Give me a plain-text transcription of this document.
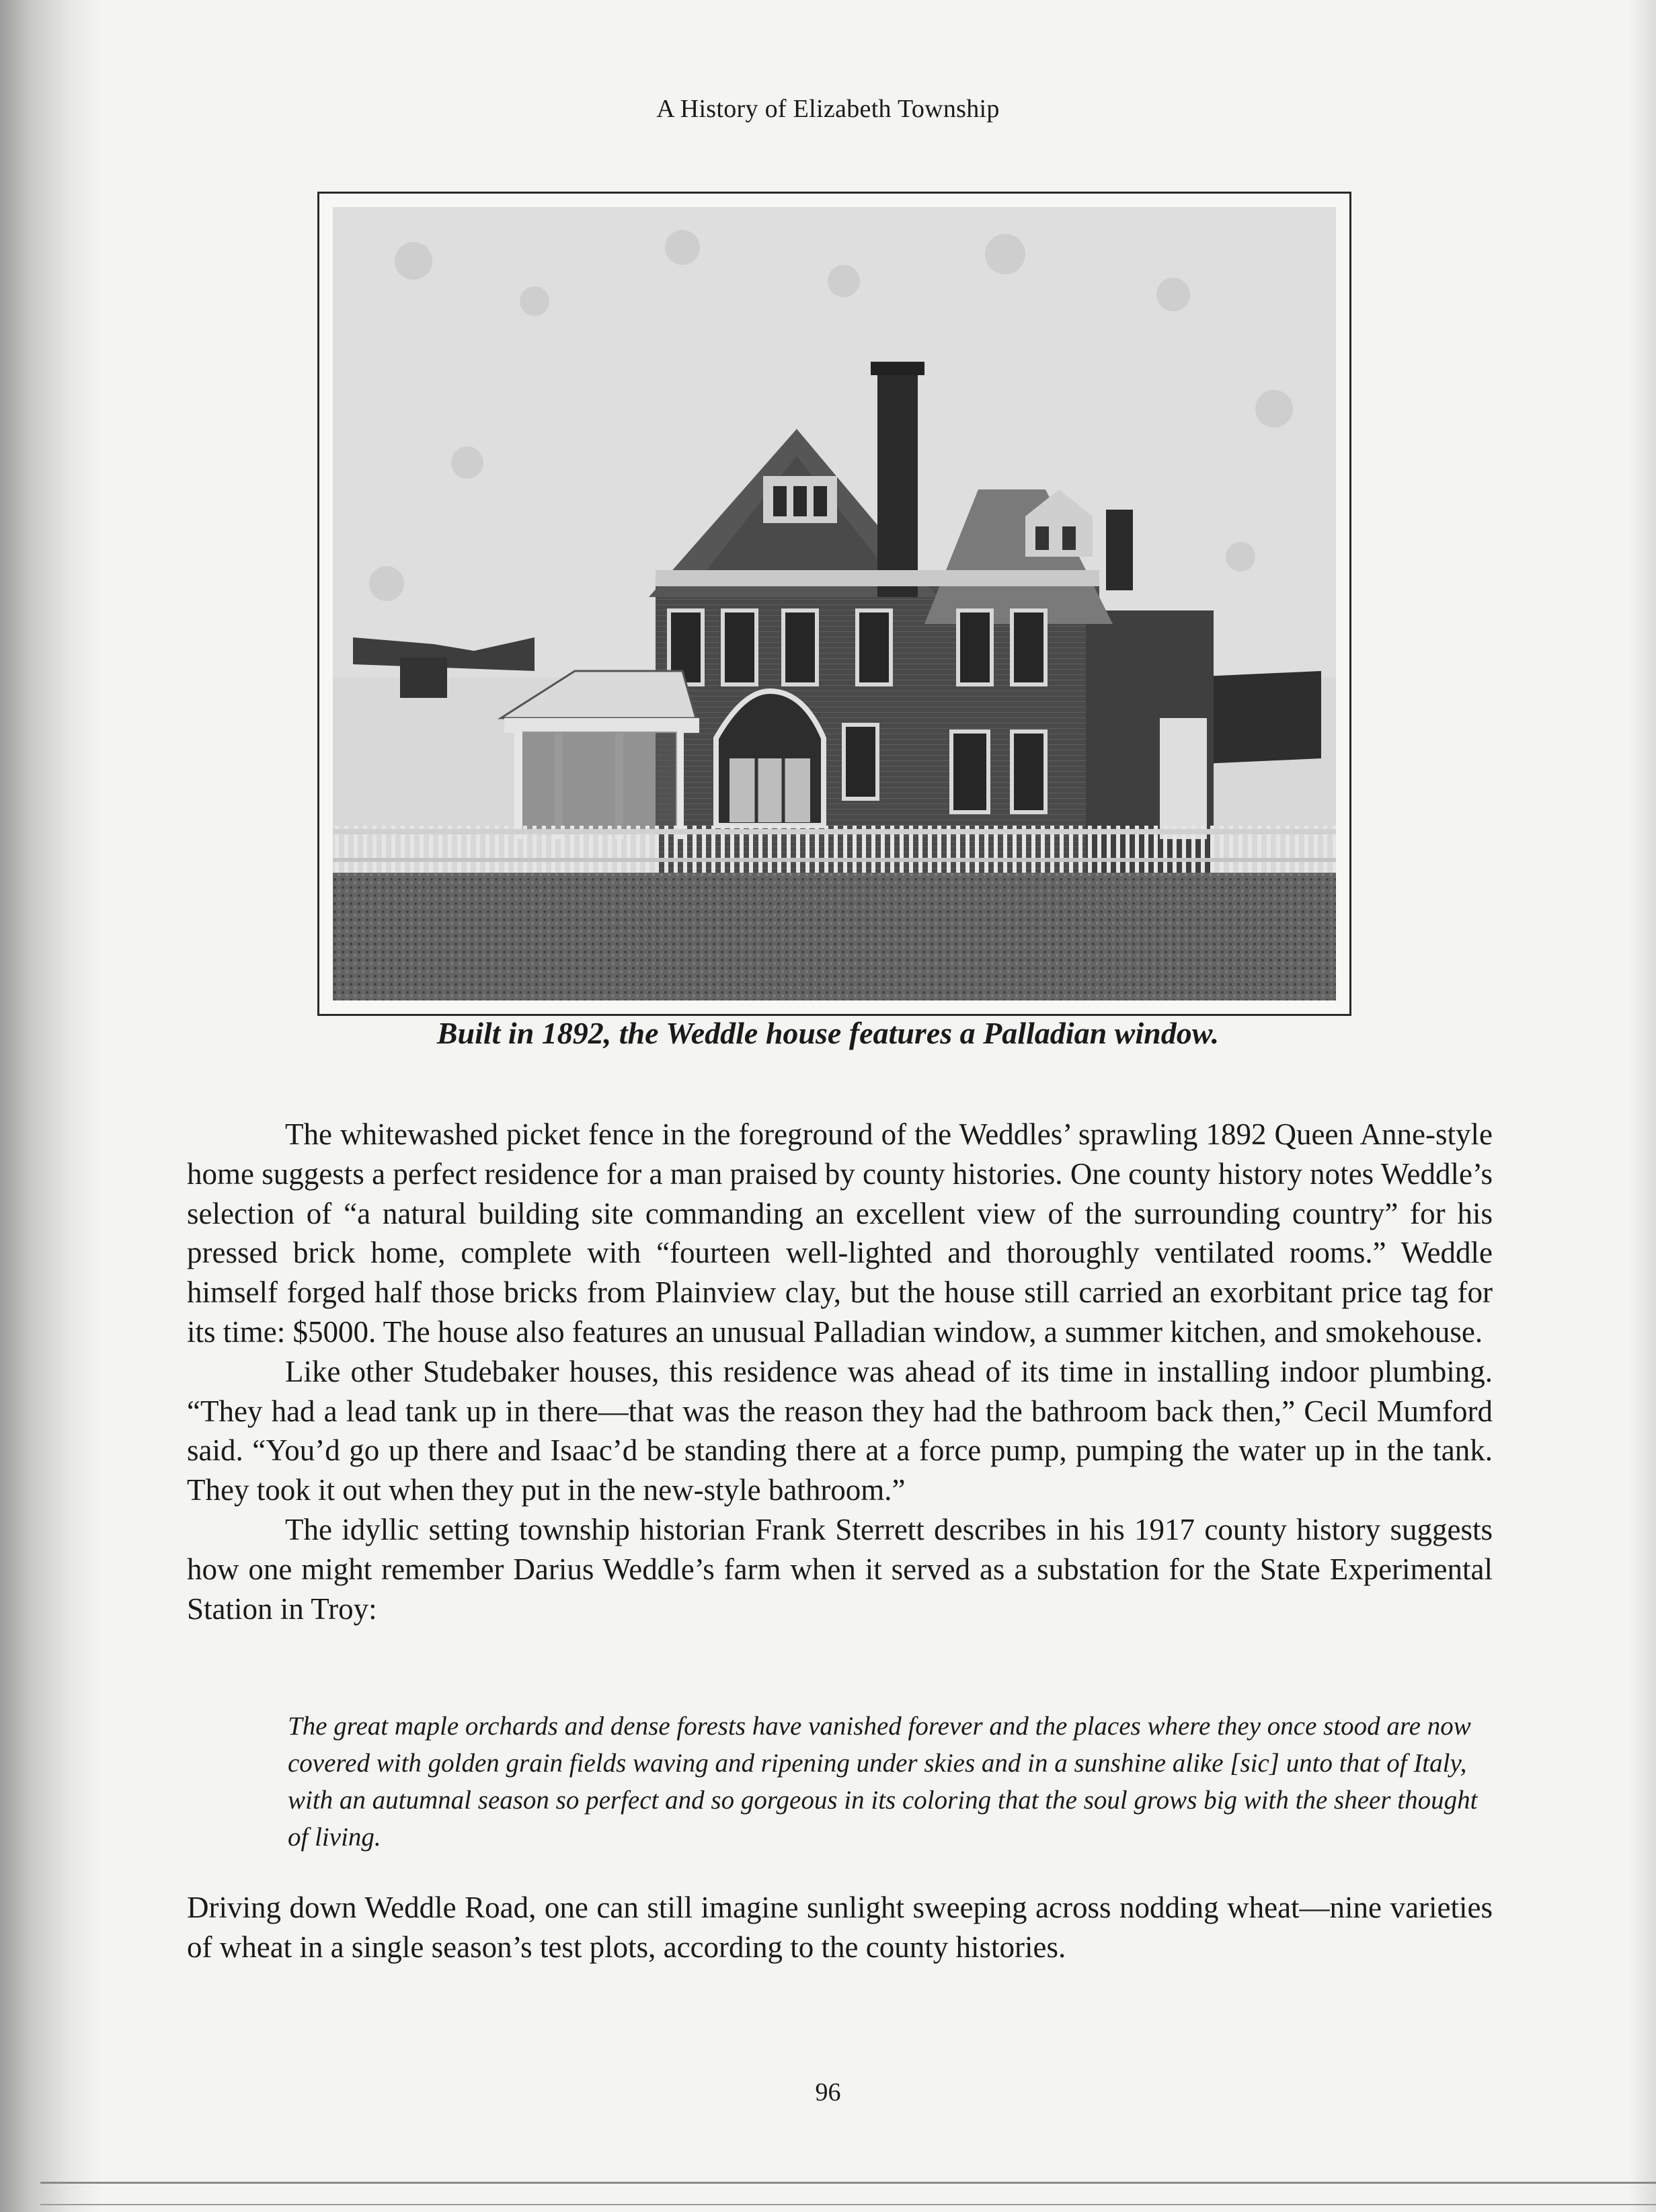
A History of Elizabeth Township
Built in 1892, the Weddle house features a Palladian window.

The whitewashed picket fence in the foreground of the Weddles’ sprawling 1892 Queen Anne-style home suggests a perfect residence for a man praised by county histories. One county history notes Weddle’s selection of “a natural building site commanding an excellent view of the surrounding country” for his pressed brick home, complete with “fourteen well-lighted and thoroughly ventilated rooms.” Weddle himself forged half those bricks from Plainview clay, but the house still carried an exorbitant price tag for its time: $5000. The house also features an unusual Palladian window, a summer kitchen, and smokehouse.

Like other Studebaker houses, this residence was ahead of its time in installing indoor plumbing. “They had a lead tank up in there—that was the reason they had the bathroom back then,” Cecil Mumford said. “You’d go up there and Isaac’d be standing there at a force pump, pumping the water up in the tank. They took it out when they put in the new-style bathroom.”

The idyllic setting township historian Frank Sterrett describes in his 1917 county history suggests how one might remember Darius Weddle’s farm when it served as a substation for the State Experimental Station in Troy:

The great maple orchards and dense forests have vanished forever and the places where they once stood are now covered with golden grain fields waving and ripening under skies and in a sunshine alike [sic] unto that of Italy, with an autumnal season so perfect and so gorgeous in its coloring that the soul grows big with the sheer thought of living.

Driving down Weddle Road, one can still imagine sunlight sweeping across nodding wheat—nine varieties of wheat in a single season’s test plots, according to the county histories.

96
